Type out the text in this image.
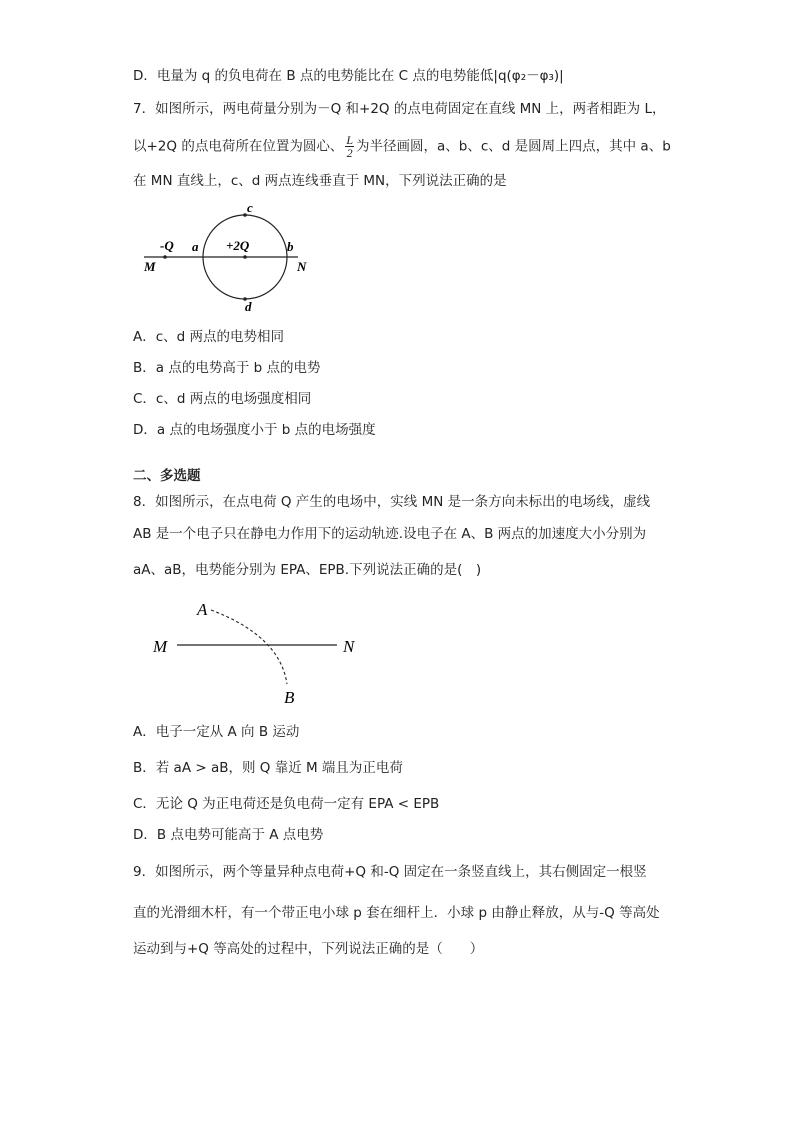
D．电量为 q 的负电荷在 B 点的电势能比在 C 点的电势能低|q(φ₂－φ₃)|
7．如图所示，两电荷量分别为－Q 和+2Q 的点电荷固定在直线 MN 上，两者相距为 L，
以+2Q 的点电荷所在位置为圆心、 $\frac{L}{2}$ 为半径画圆，a、b、c、d 是圆周上四点，其中 a、b
在 MN 直线上，c、d 两点连线垂直于 MN，下列说法正确的是
c
d
a	b
-Q	+2Q
M	N
A．c、d 两点的电势相同
B．a 点的电势高于 b 点的电势
C．c、d 两点的电场强度相同
D．a 点的电场强度小于 b 点的电场强度
二、多选题
8．如图所示，在点电荷 Q 产生的电场中，实线 MN 是一条方向未标出的电场线，虚线
AB 是一个电子只在静电力作用下的运动轨迹.设电子在 A、B 两点的加速度大小分别为
aA、aB，电势能分别为 EPA、EPB.下列说法正确的是(　)
A
B
M	N
A．电子一定从 A 向 B 运动
B．若 aA > aB，则 Q 靠近 M 端且为正电荷
C．无论 Q 为正电荷还是负电荷一定有 EPA < EPB
D．B 点电势可能高于 A 点电势
9．如图所示，两个等量异种点电荷+Q 和-Q 固定在一条竖直线上，其右侧固定一根竖
直的光滑细木杆，有一个带正电小球 p 套在细杆上．小球 p 由静止释放，从与-Q 等高处
运动到与+Q 等高处的过程中，下列说法正确的是（　　）
